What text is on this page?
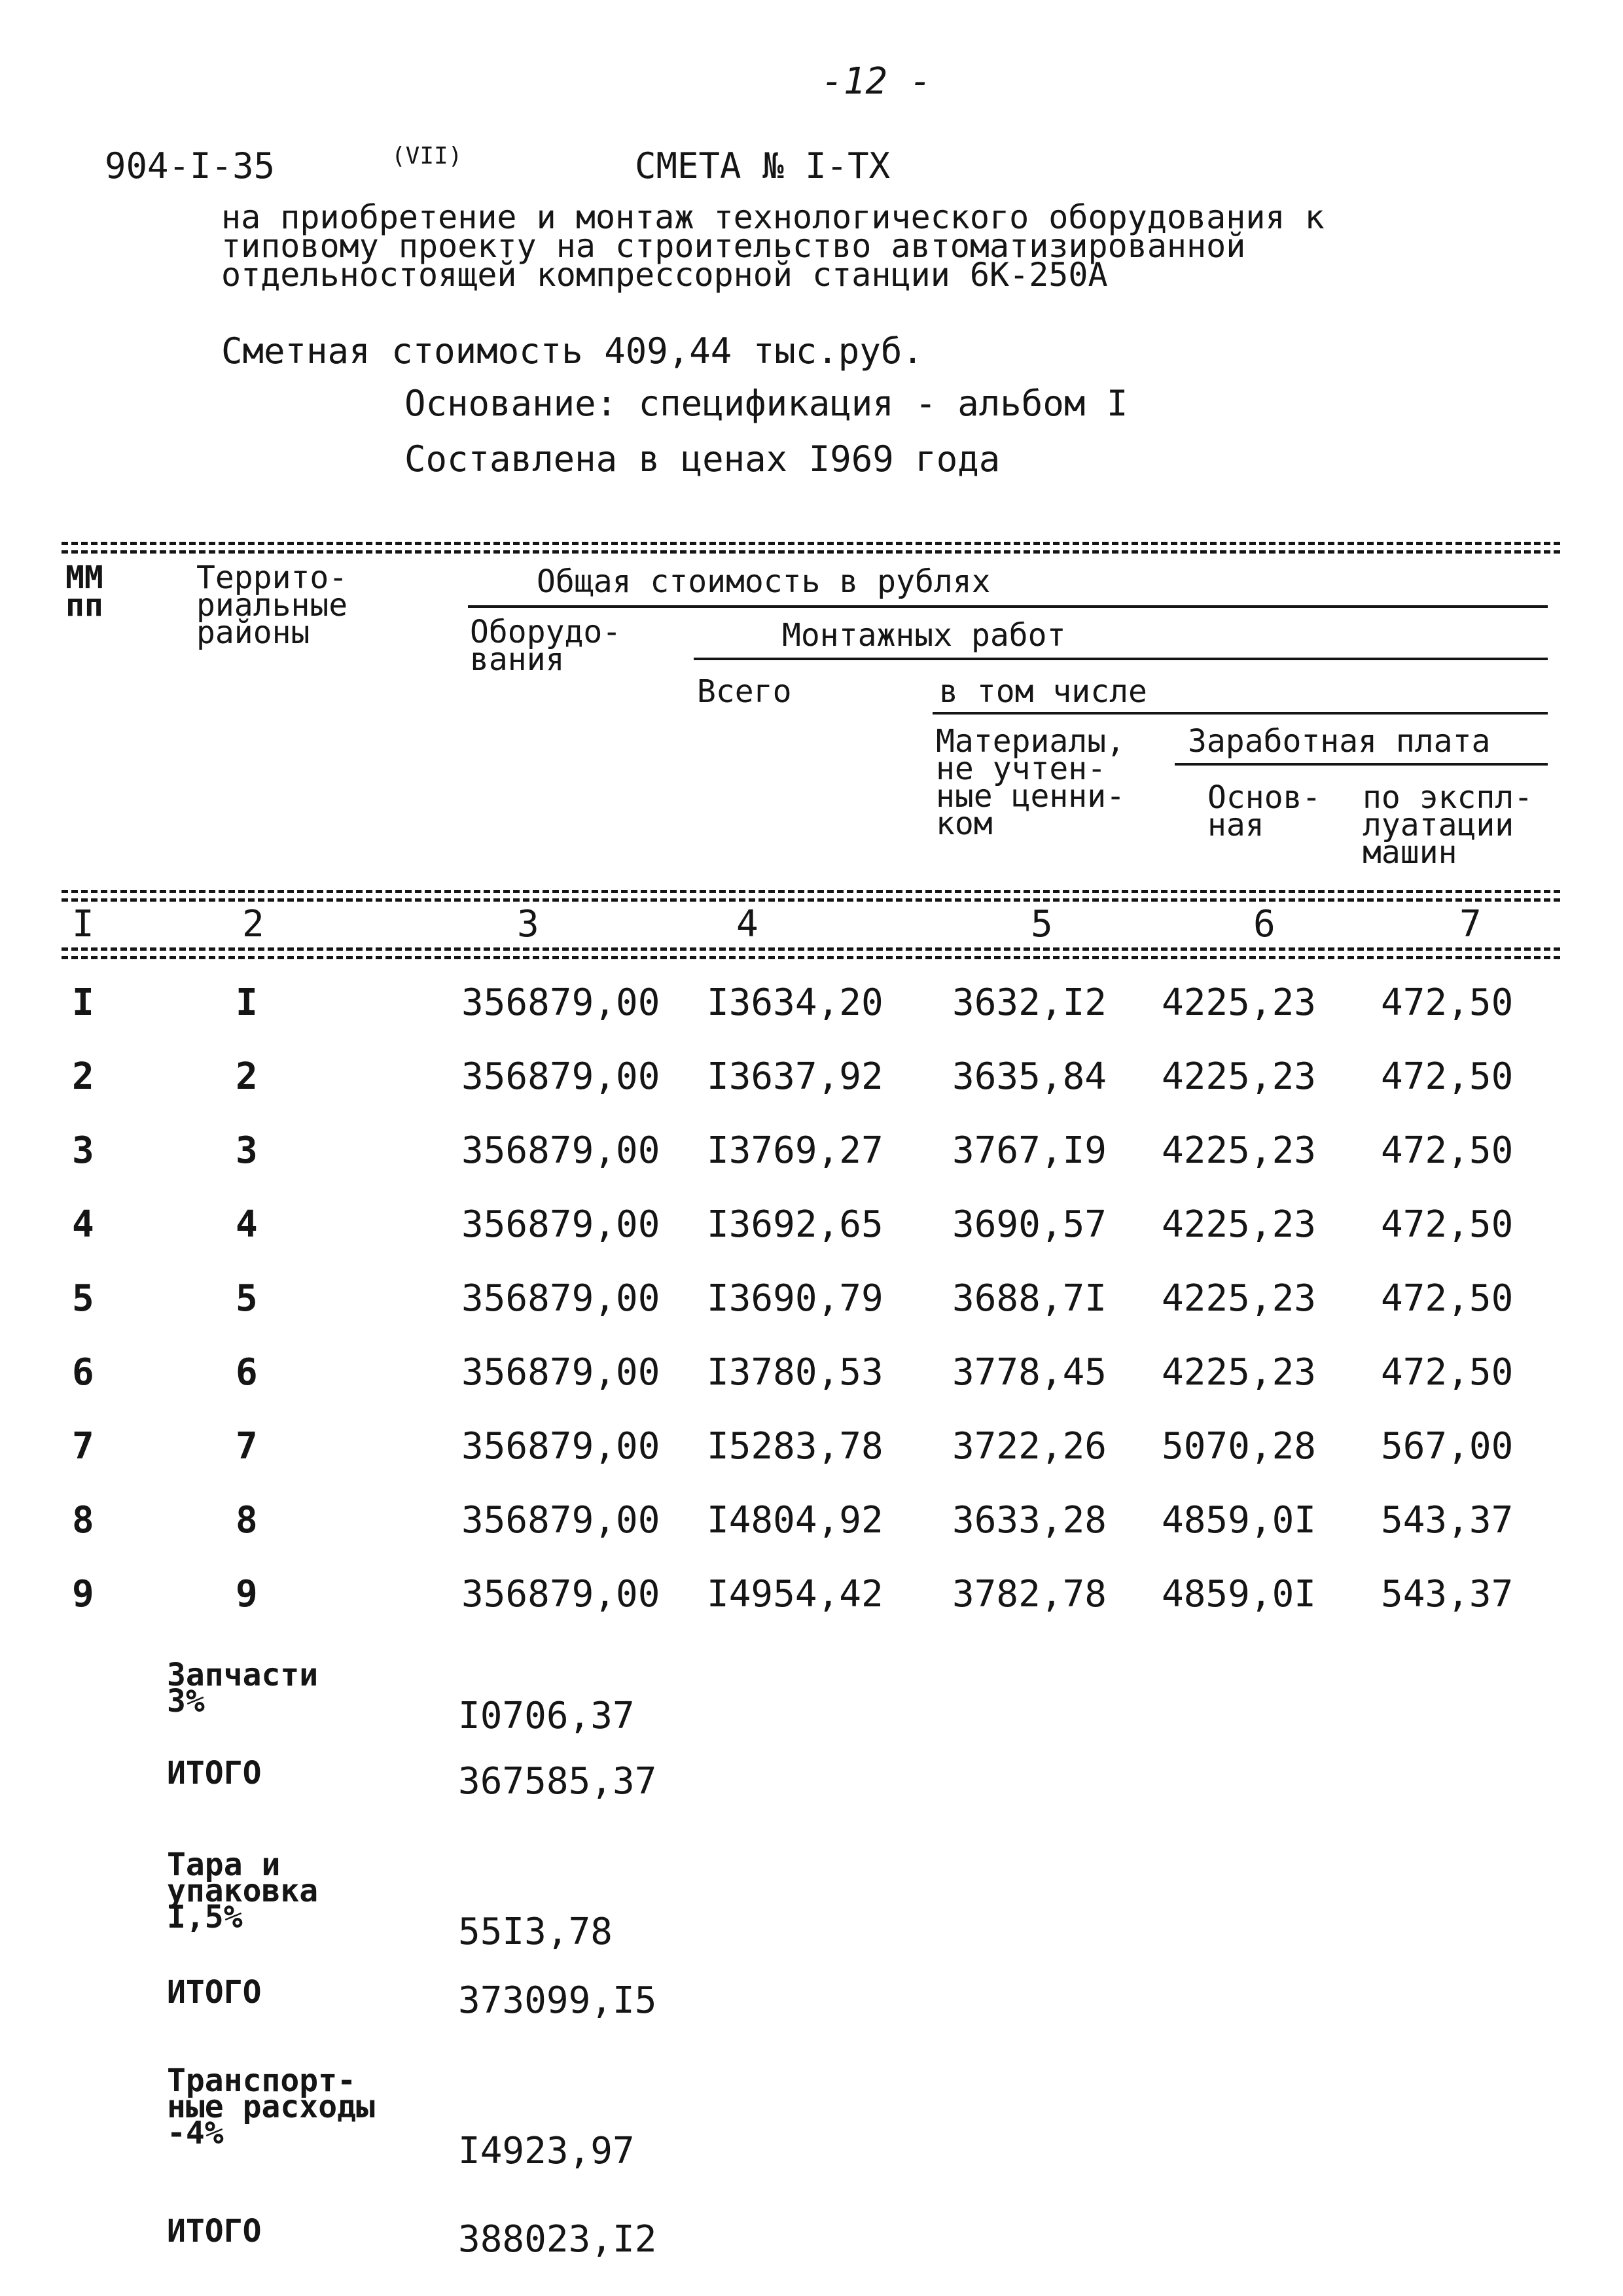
-12 -
904-I-35	(VII)	СМЕТА № I-ТХ
на приобретение и монтаж технологического оборудования к
типовому проекту на строительство автоматизированной
отдельностоящей компрессорной станции 6К-250А
Сметная стоимость 409,44 тыс.руб.
Основание: спецификация - альбом I
Составлена в ценах I969 года
ММ
пп
Террито-
риальные
районы
Общая стоимость в рублях
Оборудо-
вания
Монтажных работ
Всего	в том числе
Материалы,
не учтен-
ные ценни-
ком
Заработная плата
Основ-
ная
по экспл-
луатации
машин
I	2	3	4	5	6	7
I	I	356879,00 I3634,20 3632,I2 4225,23 472,50
2	2	356879,00 I3637,92 3635,84 4225,23 472,50
3	3	356879,00 I3769,27 3767,I9 4225,23 472,50
4	4	356879,00 I3692,65 3690,57 4225,23 472,50
5	5	356879,00 I3690,79 3688,7I 4225,23 472,50
6	6	356879,00 I3780,53 3778,45 4225,23 472,50
7	7	356879,00 I5283,78 3722,26 5070,28 567,00
8	8	356879,00 I4804,92 3633,28 4859,0I 543,37
9	9	356879,00 I4954,42 3782,78 4859,0I 543,37
Запчасти
3%	I0706,37
ИТОГО	367585,37
Тара и
упаковка
I,5%	55I3,78
ИТОГО	373099,I5
Транспорт-
ные расходы
-4%	I4923,97
ИТОГО	388023,I2
